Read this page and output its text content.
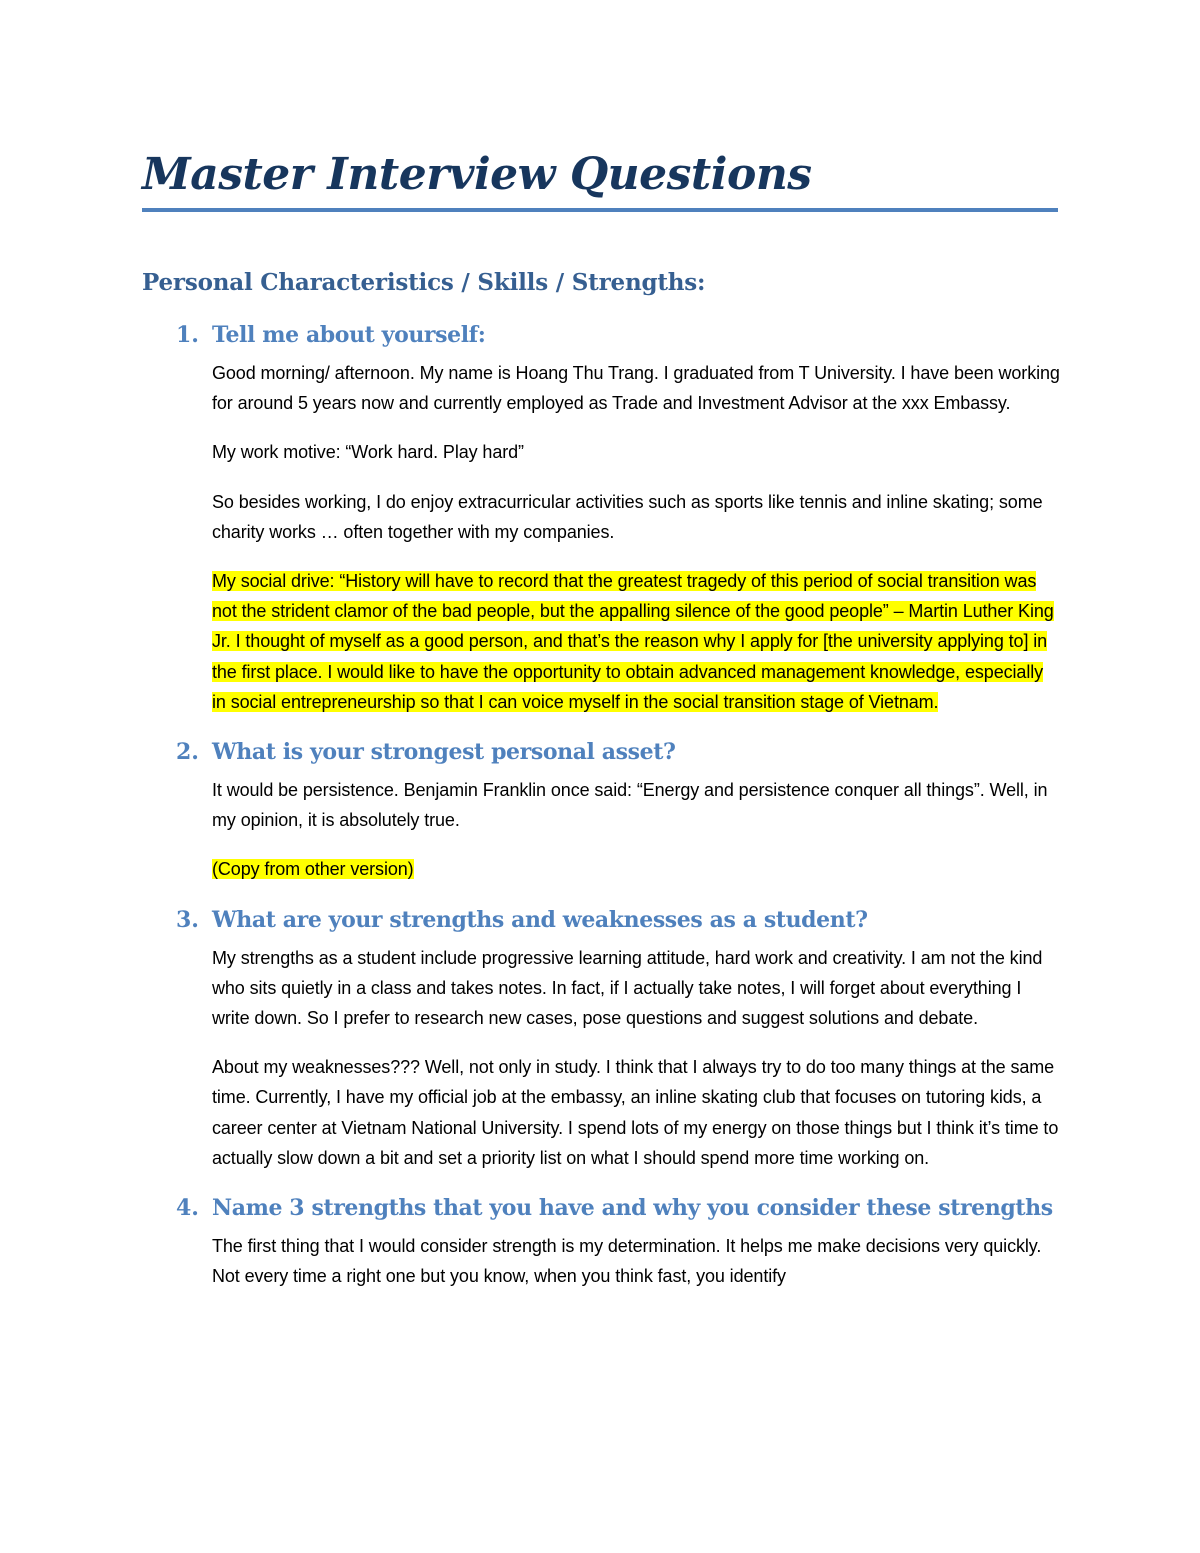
Master Interview Questions
Personal Characteristics / Skills / Strengths:
1. Tell me about yourself:

Good morning/ afternoon. My name is Hoang Thu Trang. I graduated from T University. I have been working for around 5 years now and currently employed as Trade and Investment Advisor at the xxx Embassy.

My work motive: “Work hard. Play hard”

So besides working, I do enjoy extracurricular activities such as sports like tennis and inline skating; some charity works … often together with my companies.

My social drive: “History will have to record that the greatest tragedy of this period of social transition was not the strident clamor of the bad people, but the appalling silence of the good people” – Martin Luther King Jr. I thought of myself as a good person, and that’s the reason why I apply for [the university applying to] in the first place. I would like to have the opportunity to obtain advanced management knowledge, especially in social entrepreneurship so that I can voice myself in the social transition stage of Vietnam.

2. What is your strongest personal asset?

It would be persistence. Benjamin Franklin once said: “Energy and persistence conquer all things”. Well, in my opinion, it is absolutely true.

(Copy from other version)

3. What are your strengths and weaknesses as a student?

My strengths as a student include progressive learning attitude, hard work and creativity. I am not the kind who sits quietly in a class and takes notes. In fact, if I actually take notes, I will forget about everything I write down. So I prefer to research new cases, pose questions and suggest solutions and debate.

About my weaknesses??? Well, not only in study. I think that I always try to do too many things at the same time. Currently, I have my official job at the embassy, an inline skating club that focuses on tutoring kids, a career center at Vietnam National University. I spend lots of my energy on those things but I think it’s time to actually slow down a bit and set a priority list on what I should spend more time working on.

4. Name 3 strengths that you have and why you consider these strengths

The first thing that I would consider strength is my determination. It helps me make decisions very quickly. Not every time a right one but you know, when you think fast, you identify
